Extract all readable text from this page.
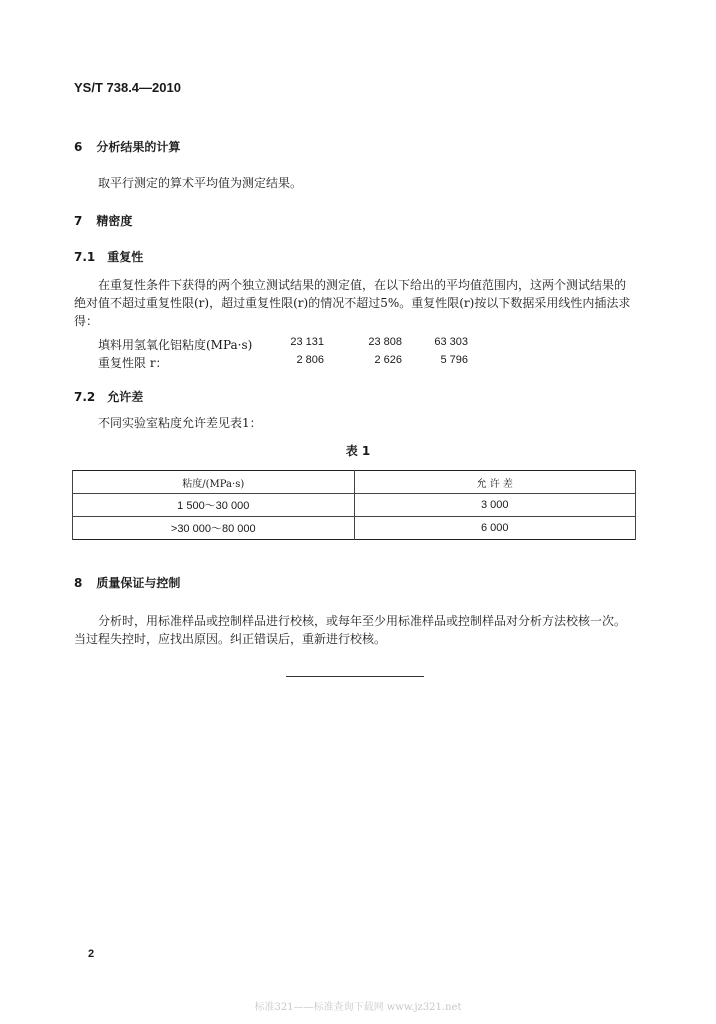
YS/T 738.4—2010
6 分析结果的计算
取平行测定的算术平均值为测定结果。
7 精密度
7.1 重复性
在重复性条件下获得的两个独立测试结果的测定值，在以下给出的平均值范围内，这两个测试结果的绝对值不超过重复性限(r)，超过重复性限(r)的情况不超过5%。重复性限(r)按以下数据采用线性内插法求得：
填料用氢氧化铝粘度(MPa·s)	23 131	23 808	63 303
重复性限 r：	2 806	2 626	5 796
7.2 允许差
不同实验室粘度允许差见表1：
表 1
粘度/(MPa·s)	允 许 差
1 500～30 000	3 000
>30 000～80 000	6 000
8 质量保证与控制
分析时，用标准样品或控制样品进行校核，或每年至少用标准样品或控制样品对分析方法校核一次。当过程失控时，应找出原因。纠正错误后，重新进行校核。
2
标准321——标准查询下载网 www.jz321.net
